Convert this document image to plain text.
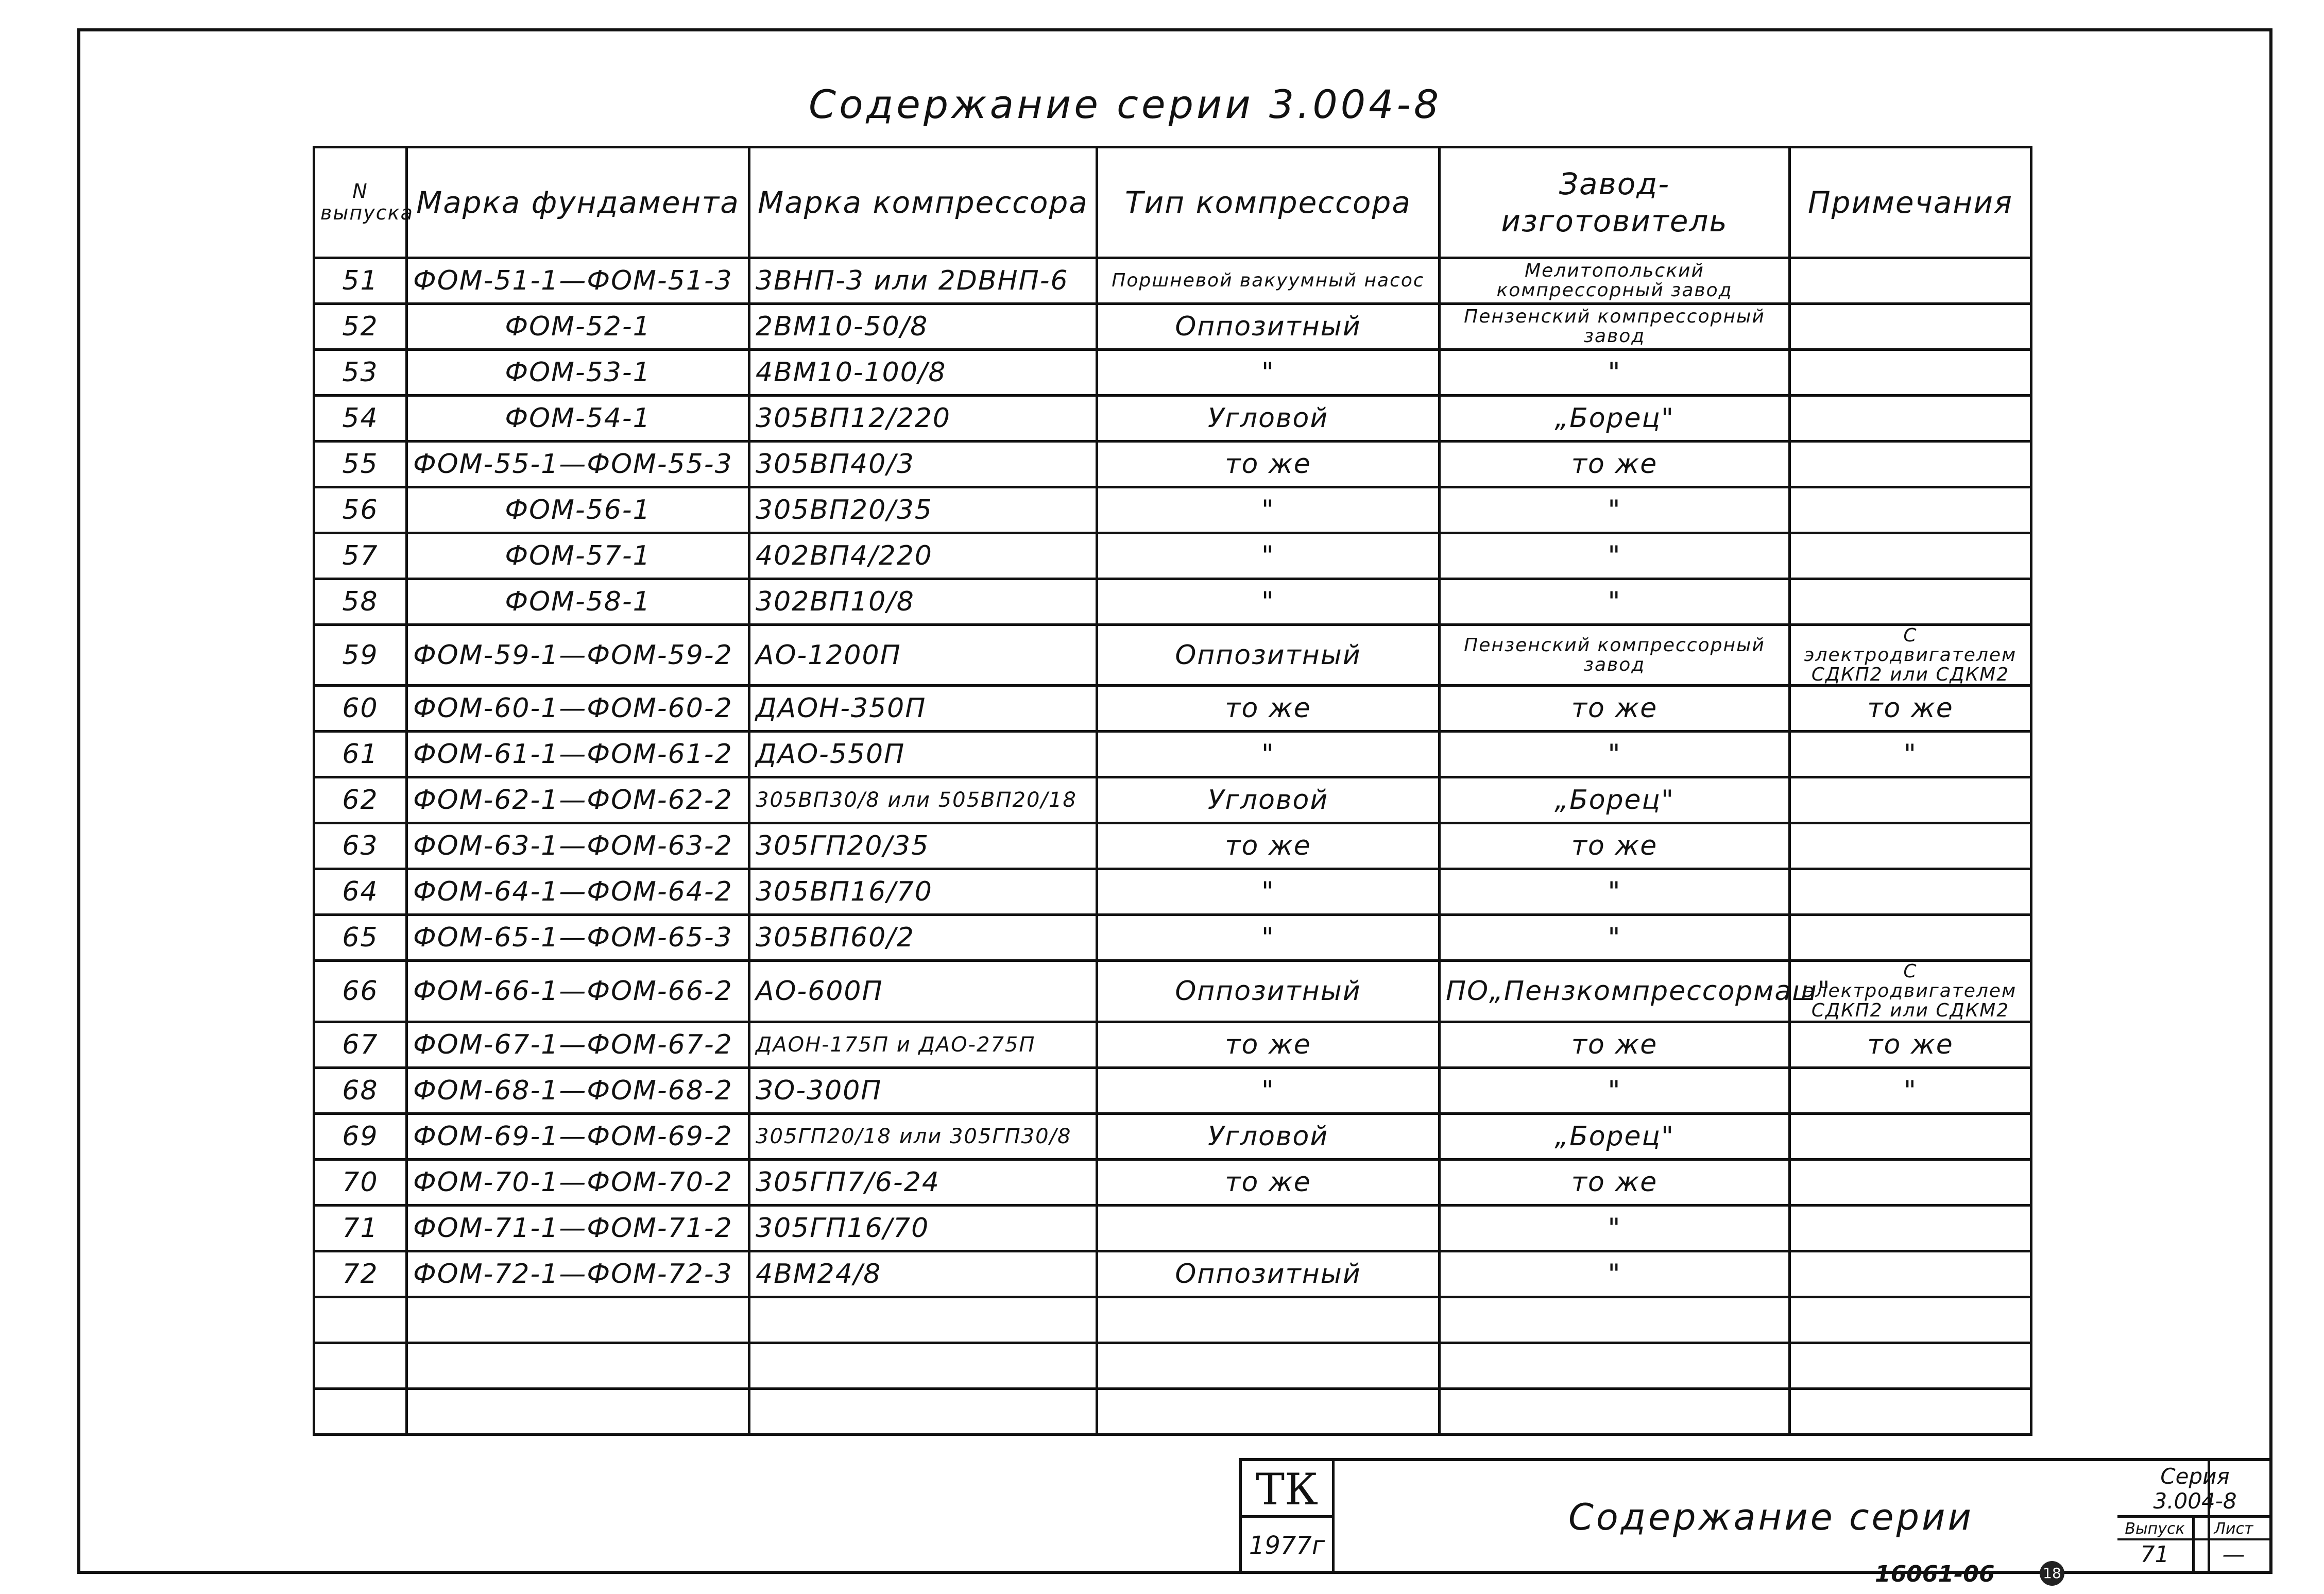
Содержание серии 3.004-8
N выпуска	Марка фундамента	Марка компрессора	Тип компрессора	Завод-изготовитель	Примечания
51	ФОМ-51-1—ФОМ-51-3	3ВНП-3 или 2DВНП-6	Поршневой вакуумный насос	Мелитопольский компрессорный завод	
52	ФОМ-52-1	2ВМ10-50/8	Оппозитный	Пензенский компрессорный завод	
53	ФОМ-53-1	4ВМ10-100/8	"	"	
54	ФОМ-54-1	305ВП12/220	Угловой	„Борец"	
55	ФОМ-55-1—ФОМ-55-3	305ВП40/3	то же	то же	
56	ФОМ-56-1	305ВП20/35	"	"	
57	ФОМ-57-1	402ВП4/220	"	"	
58	ФОМ-58-1	302ВП10/8	"	"	
59	ФОМ-59-1—ФОМ-59-2	АО-1200П	Оппозитный	Пензенский компрессорный завод	С электродвигателем СДКП2 или СДКМ2
60	ФОМ-60-1—ФОМ-60-2	ДАОН-350П	то же	то же	то же
61	ФОМ-61-1—ФОМ-61-2	ДАО-550П	"	"	"
62	ФОМ-62-1—ФОМ-62-2	305ВП30/8 или 505ВП20/18	Угловой	„Борец"	
63	ФОМ-63-1—ФОМ-63-2	305ГП20/35	то же	то же	
64	ФОМ-64-1—ФОМ-64-2	305ВП16/70	"	"	
65	ФОМ-65-1—ФОМ-65-3	305ВП60/2	"	"	
66	ФОМ-66-1—ФОМ-66-2	АО-600П	Оппозитный	ПО„Пензкомпрессормаш"	С электродвигателем СДКП2 или СДКМ2
67	ФОМ-67-1—ФОМ-67-2	ДАОН-175П и ДАО-275П	то же	то же	то же
68	ФОМ-68-1—ФОМ-68-2	ЗО-300П	"	"	"
69	ФОМ-69-1—ФОМ-69-2	305ГП20/18 или 305ГП30/8	Угловой	„Борец"	
70	ФОМ-70-1—ФОМ-70-2	305ГП7/6-24	то же	то же	
71	ФОМ-71-1—ФОМ-71-2	305ГП16/70		"	
72	ФОМ-72-1—ФОМ-72-3	4ВМ24/8	Оппозитный	"	

ТК
1977г
Содержание серии
Серия
3.004-8
Выпуск	Лист
71	—
16061-06	18
